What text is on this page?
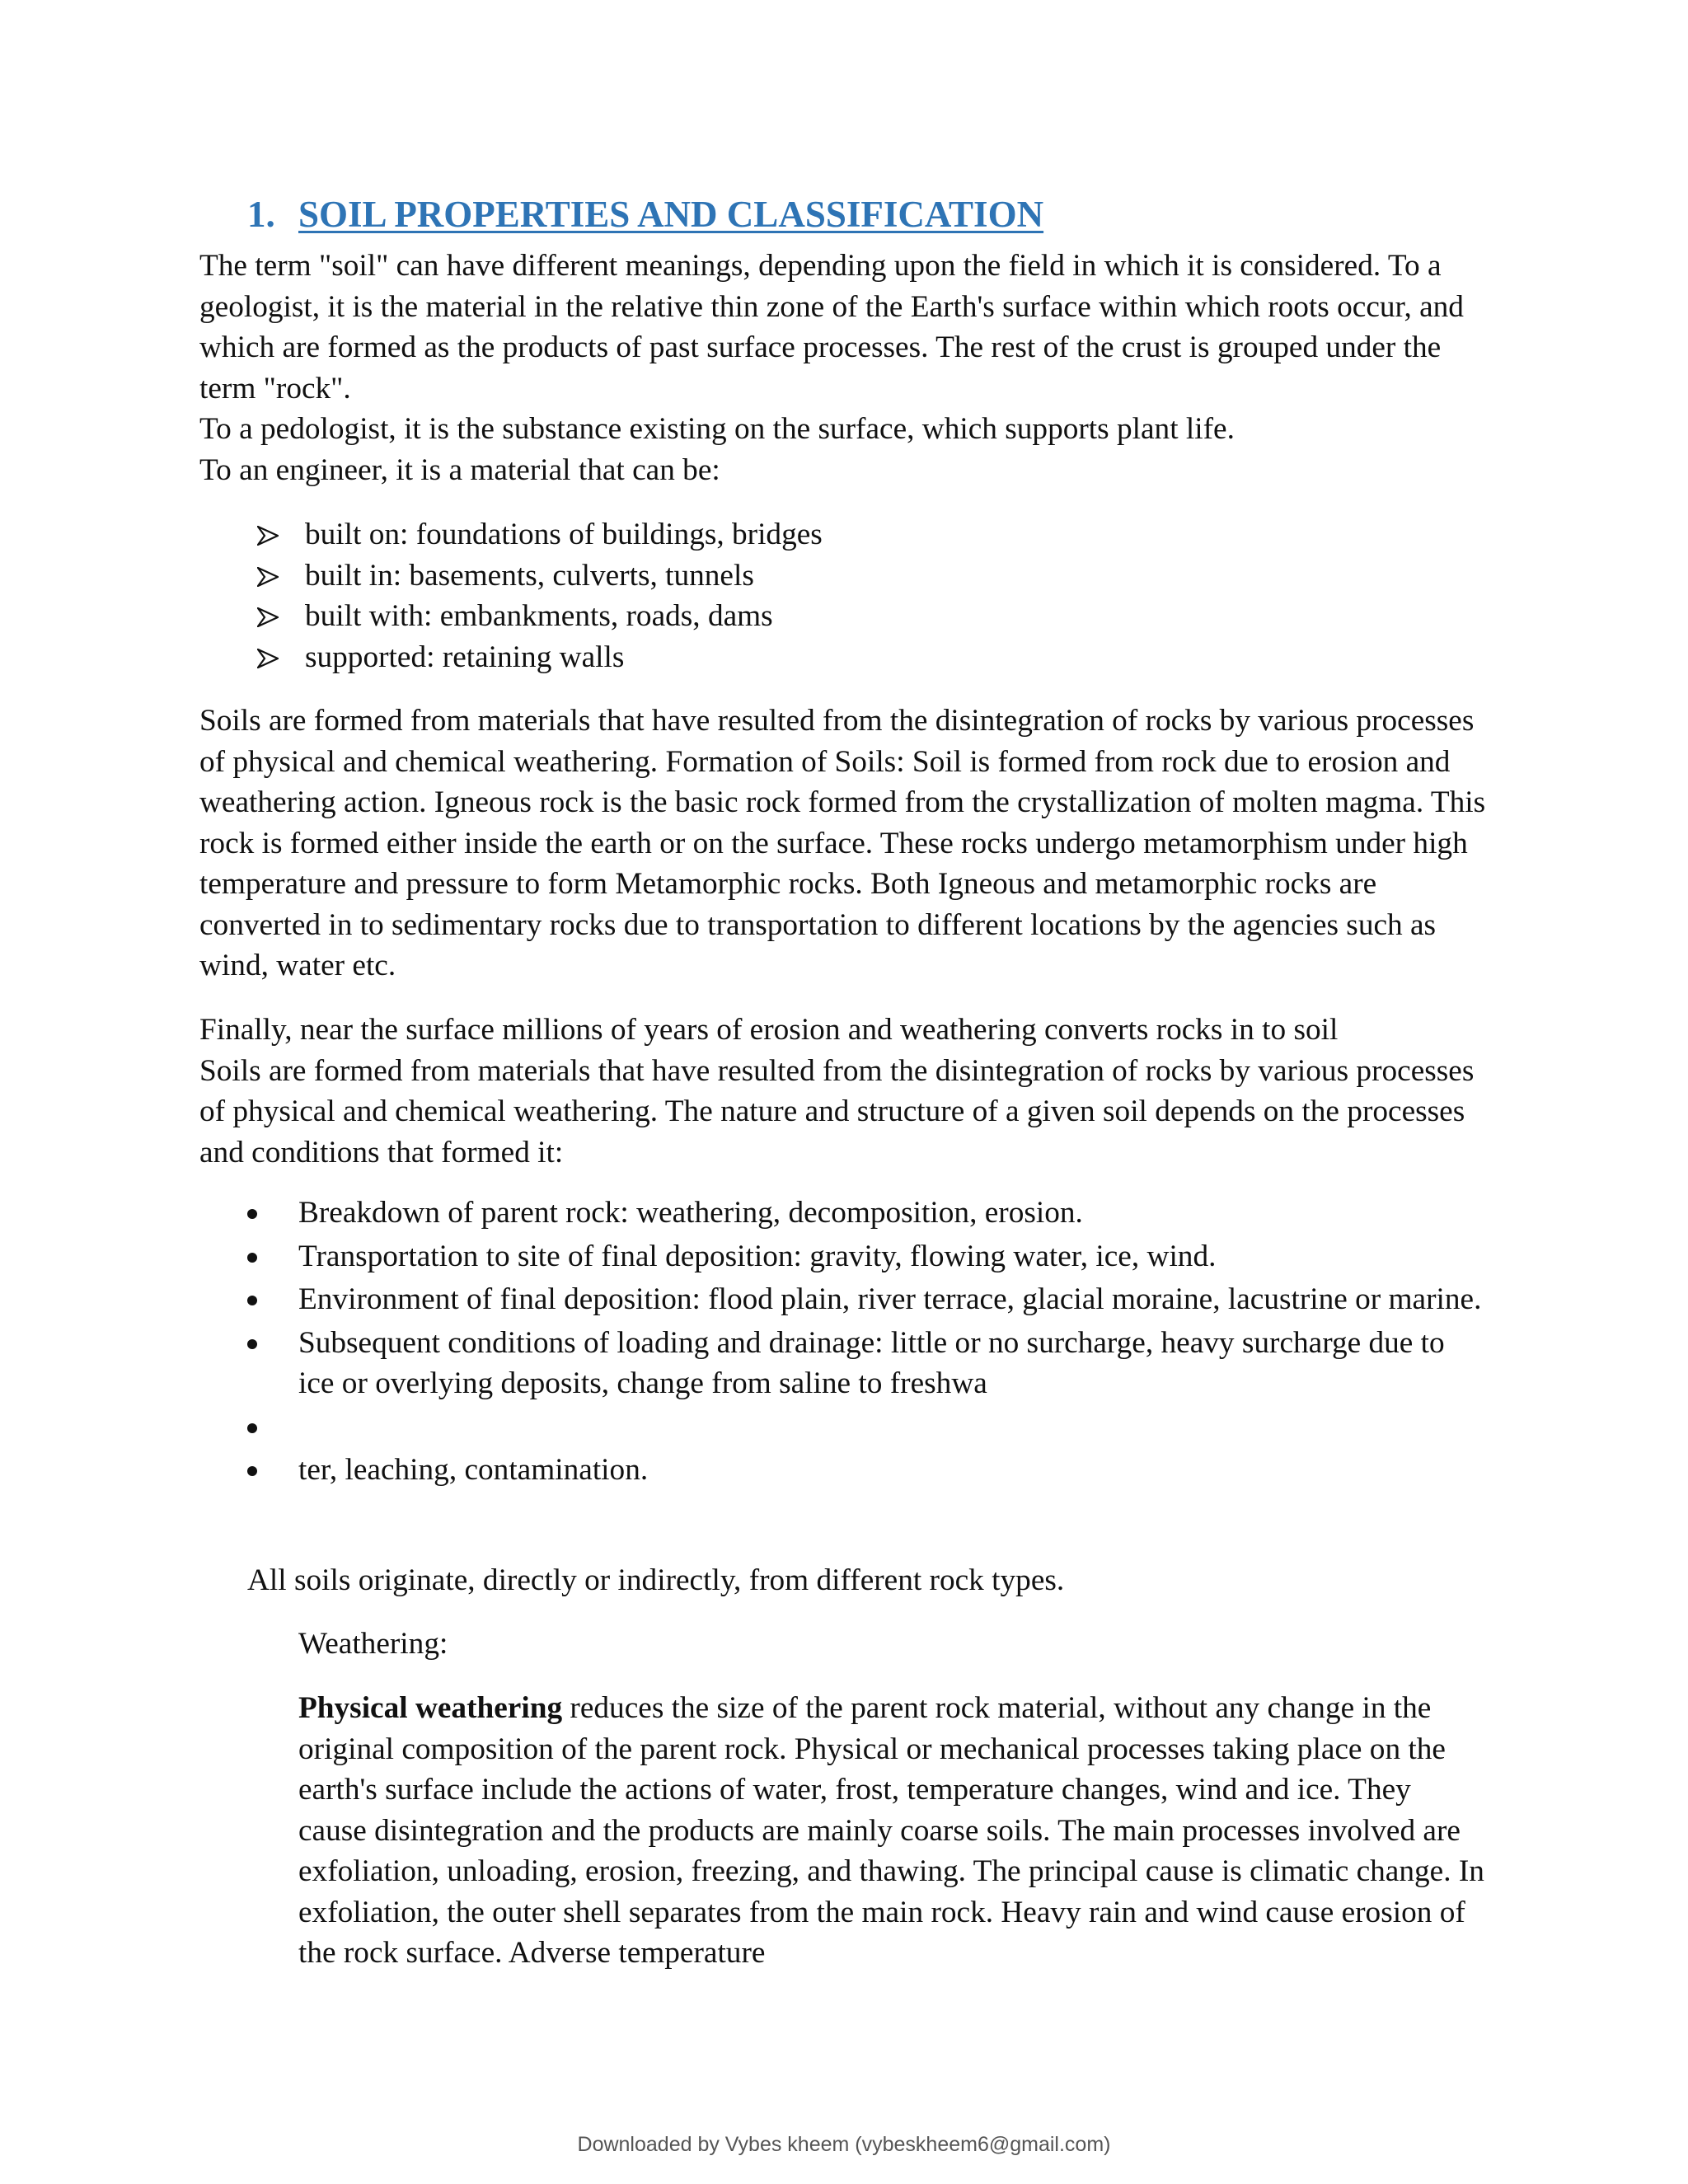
1. SOIL PROPERTIES AND CLASSIFICATION

The term "soil" can have different meanings, depending upon the field in which it is considered. To a geologist, it is the material in the relative thin zone of the Earth's surface within which roots occur, and which are formed as the products of past surface processes. The rest of the crust is grouped under the term "rock".

To a pedologist, it is the substance existing on the surface, which supports plant life.

To an engineer, it is a material that can be:

built on: foundations of buildings, bridges
built in: basements, culverts, tunnels
built with: embankments, roads, dams
supported: retaining walls

Soils are formed from materials that have resulted from the disintegration of rocks by various processes of physical and chemical weathering. Formation of Soils: Soil is formed from rock due to erosion and weathering action. Igneous rock is the basic rock formed from the crystallization of molten magma. This rock is formed either inside the earth or on the surface. These rocks undergo metamorphism under high temperature and pressure to form Metamorphic rocks. Both Igneous and metamorphic rocks are converted in to sedimentary rocks due to transportation to different locations by the agencies such as wind, water etc.

Finally, near the surface millions of years of erosion and weathering converts rocks in to soil

Soils are formed from materials that have resulted from the disintegration of rocks by various processes of physical and chemical weathering. The nature and structure of a given soil depends on the processes and conditions that formed it:

Breakdown of parent rock: weathering, decomposition, erosion.
Transportation to site of final deposition: gravity, flowing water, ice, wind.
Environment of final deposition: flood plain, river terrace, glacial moraine, lacustrine or marine.
Subsequent conditions of loading and drainage: little or no surcharge, heavy surcharge due to ice or overlying deposits, change from saline to freshwa
ter, leaching, contamination.
All soils originate, directly or indirectly, from different rock types.
Weathering:

Physical weathering reduces the size of the parent rock material, without any change in the original composition of the parent rock. Physical or mechanical processes taking place on the earth's surface include the actions of water, frost, temperature changes, wind and ice. They cause disintegration and the products are mainly coarse soils. The main processes involved are exfoliation, unloading, erosion, freezing, and thawing. The principal cause is climatic change. In exfoliation, the outer shell separates from the main rock. Heavy rain and wind cause erosion of the rock surface. Adverse temperature

Downloaded by Vybes kheem (vybeskheem6@gmail.com)
